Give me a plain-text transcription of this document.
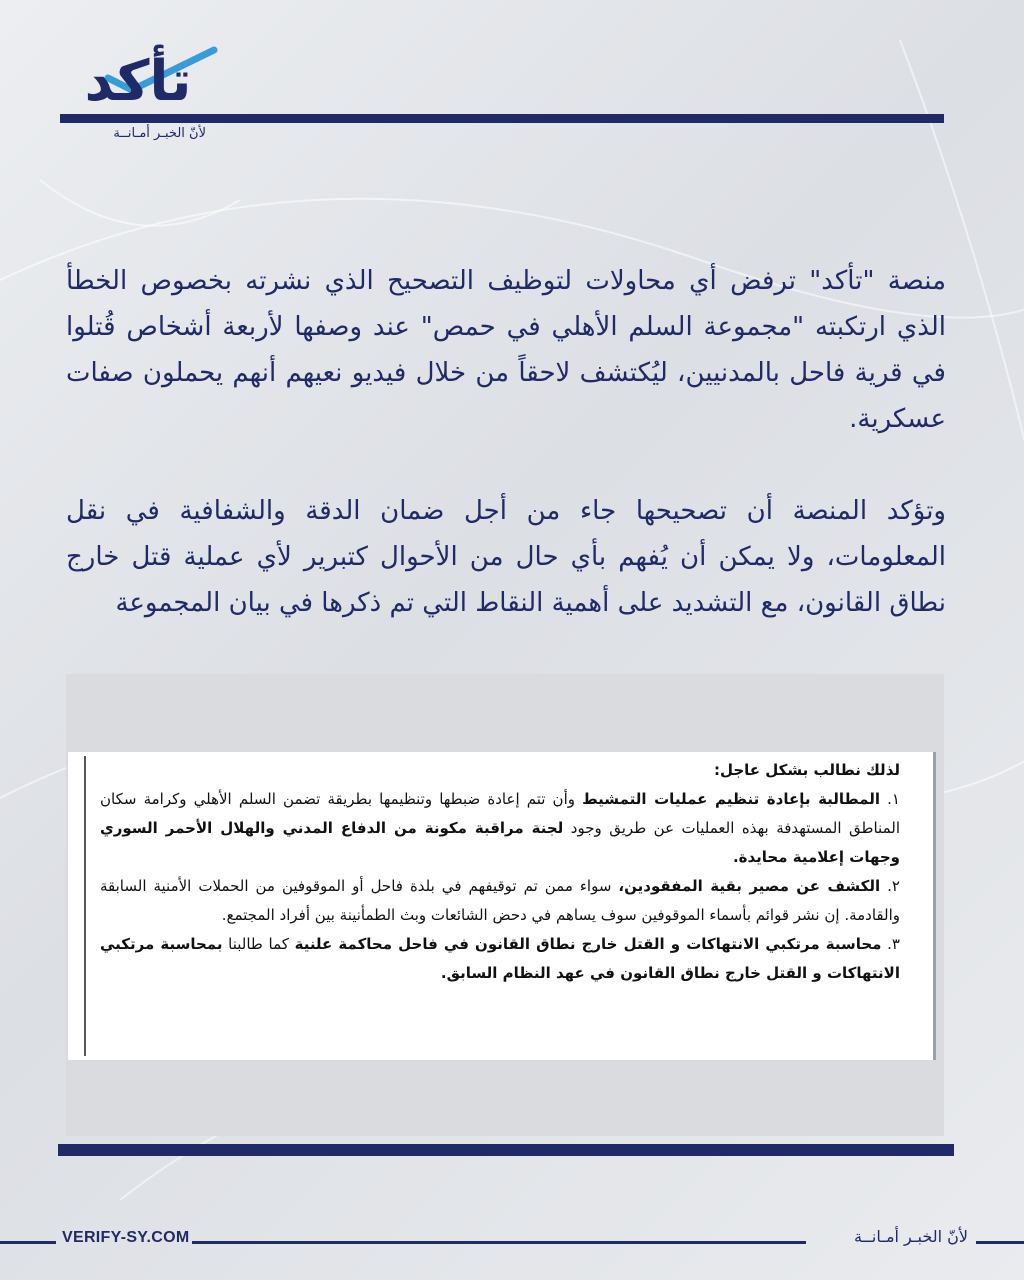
تأكد
لأنّ الخبـر أمـانــة

منصة "تأكد" ترفض أي محاولات لتوظيف التصحيح الذي نشرته بخصوص الخطأ الذي ارتكبته "مجموعة السلم الأهلي في حمص" عند وصفها لأربعة أشخاص قُتلوا في قرية فاحل بالمدنيين، ليُكتشف لاحقاً من خلال فيديو نعيهم أنهم يحملون صفات عسكرية.

وتؤكد المنصة أن تصحيحها جاء من أجل ضمان الدقة والشفافية في نقل المعلومات، ولا يمكن أن يُفهم بأي حال من الأحوال كتبرير لأي عملية قتل خارج نطاق القانون، مع التشديد على أهمية النقاط التي تم ذكرها في بيان المجموعة

لذلك نطالب بشكل عاجل:

١. المطالبة بإعادة تنظيم عمليات التمشيط وأن تتم إعادة ضبطها وتنظيمها بطريقة تضمن السلم الأهلي وكرامة سكان المناطق المستهدفة بهذه العمليات عن طريق وجود لجنة مراقبة مكونة من الدفاع المدني والهلال الأحمر السوري وجهات إعلامية محايدة.

٢. الكشف عن مصير بقية المفقودين، سواء ممن تم توقيفهم في بلدة فاحل أو الموقوفين من الحملات الأمنية السابقة والقادمة. إن نشر قوائم بأسماء الموقوفين سوف يساهم في دحض الشائعات وبث الطمأنينة بين أفراد المجتمع.

٣. محاسبة مرتكبي الانتهاكات و القتل خارج نطاق القانون في فاحل محاكمة علنية كما طالبنا بمحاسبة مرتكبي الانتهاكات و القتل خارج نطاق القانون في عهد النظام السابق.

VERIFY-SY.COM	لأنّ الخبـر أمـانــة
